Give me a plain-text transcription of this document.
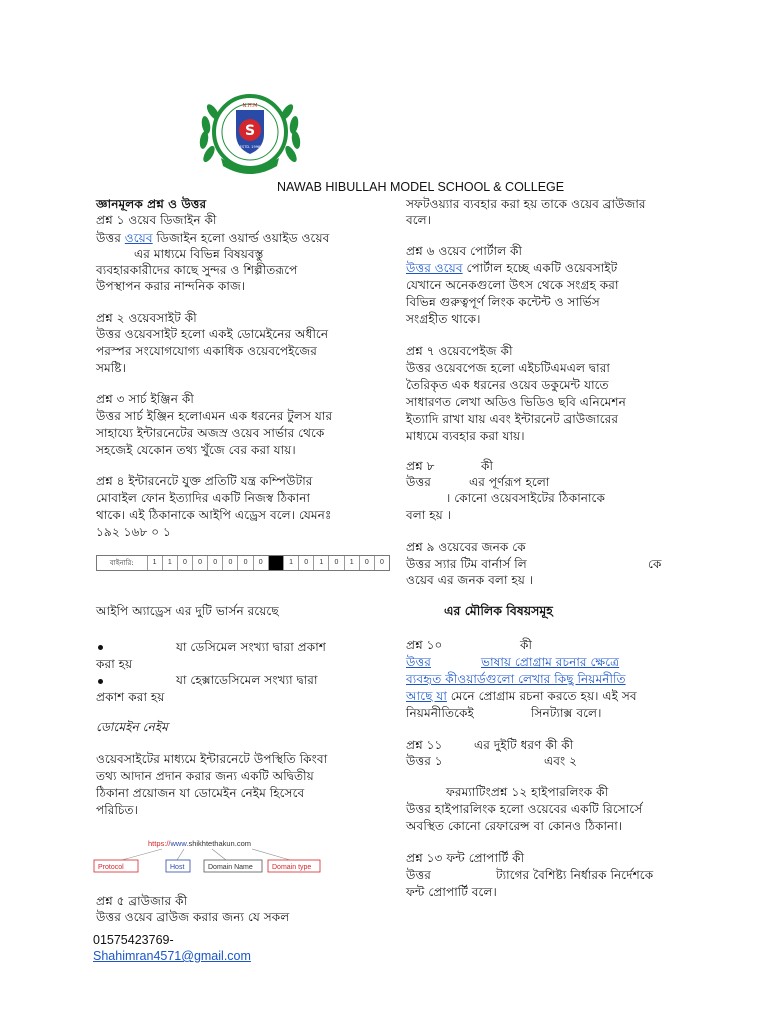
S
N.H.M
ESTD. 1998
NAWAB HIBULLAH MODEL SCHOOL & COLLEGE
জ্ঞানমূলক প্রশ্ন ও উত্তর
প্রশ্ন ১ ওয়েব ডিজাইন কী
উত্তর ওয়েব ডিজাইন হলো ওয়ার্ল্ড ওয়াইড ওয়েব
এর মাধ্যমে বিভিন্ন বিষয়বস্তু
ব্যবহারকারীদের কাছে সুন্দর ও শিল্পীতরূপে
উপস্থাপন করার নান্দনিক কাজ।
প্রশ্ন ২ ওয়েবসাইট কী
উত্তর ওয়েবসাইট হলো একই ডোমেইনের অধীনে
পরস্পর সংযোগযোগ্য একাধিক ওয়েবপেইজের
সমষ্টি।
প্রশ্ন ৩ সার্চ ইঞ্জিন কী
উত্তর সার্চ ইঞ্জিন হলোএমন এক ধরনের টুলস যার
সাহায্যে ইন্টারনেটের অজস্র ওয়েব সার্ভার থেকে
সহজেই যেকোন তথ্য খুঁজে বের করা যায়।
প্রশ্ন ৪ ইন্টারনেটে যুক্ত প্রতিটি যন্ত্র কম্পিউটার
মোবাইল ফোন ইত্যাদির একটি নিজস্ব ঠিকানা
থাকে। এই ঠিকানাকে আইপি এড্রেস বলে। যেমনঃ
১৯২ ১৬৮ ০ ১
বাইনারি:	1	1	0	0	0	0	0	0	1	0	1	0	1	0	0
আইপি অ্যাড্রেস এর দুটি ভার্সন রয়েছে
যা ডেসিমেল সংখ্যা দ্বারা প্রকাশ
করা হয়
যা হেক্সাডেসিমেল সংখ্যা দ্বারা
প্রকাশ করা হয়
ডোমেইন নেইম
ওয়েবসাইটের মাধ্যমে ইন্টারনেটে উপস্থিতি কিংবা
তথ্য আদান প্রদান করার জন্য একটি অদ্বিতীয়
ঠিকানা প্রয়োজন যা ডোমেইন নেইম হিসেবে
পরিচিত।
https://www.shikhtethakun.com
Protocol	Host	Domain Name	Domain type
প্রশ্ন ৫ ব্রাউজার কী
উত্তর ওয়েব ব্রাউজ করার জন্য যে সকল
01575423769-
Shahimran4571@gmail.com
সফটওয়্যার ব্যবহার করা হয় তাকে ওয়েব ব্রাউজার
বলে।
প্রশ্ন ৬ ওয়েব পোর্টাল কী
উত্তর ওয়েব পোর্টাল হচ্ছে একটি ওয়েবসাইট
যেখানে অনেকগুলো উৎস থেকে সংগ্রহ করা
বিভিন্ন গুরুত্বপূর্ণ লিংক কন্টেন্ট ও সার্ভিস
সংগ্রহীত থাকে।
প্রশ্ন ৭ ওয়েবপেইজ কী
উত্তর ওয়েবপেজ হলো এইচটিএমএল দ্বারা
তৈরিকৃত এক ধরনের ওয়েব ডকুমেন্ট যাতে
সাধারণত লেখা অডিও ভিডিও ছবি এনিমেশন
ইত্যাদি রাখা যায় এবং ইন্টারনেট ব্রাউজারের
মাধ্যমে ব্যবহার করা যায়।
প্রশ্ন ৮	কী
উত্তর	এর পূর্ণরূপ হলো
। কোনো ওয়েবসাইটের ঠিকানাকে
বলা হয় ।
প্রশ্ন ৯ ওয়েবের জনক কে
উত্তর স্যার টিম বার্নার্স লি	কে
ওয়েব এর জনক বলা হয় ।
এর মৌলিক বিষয়সমূহ
প্রশ্ন ১০	কী
উত্তর	ভাষায় প্রোগ্রাম রচনার ক্ষেত্রে
ব্যবহৃত কীওয়ার্ডগুলো লেখার কিছু নিয়মনীতি
আছে যা মেনে প্রোগ্রাম রচনা করতে হয়। এই সব
নিয়মনীতিকেই	সিনট্যাক্স বলে।
প্রশ্ন ১১	এর দুইটি ধরণ কী কী
উত্তর ১	এবং ২
ফরম্যাটিংপ্রশ্ন ১২ হাইপারলিংক কী
উত্তর হাইপারলিংক হলো ওয়েবের একটি রিসোর্সে
অবস্থিত কোনো রেফারেন্স বা কোনও ঠিকানা।
প্রশ্ন ১৩ ফন্ট প্রোপার্টি কী
উত্তর	ট্যাগের বৈশিষ্ট্য নির্ধারক নির্দেশকে
ফন্ট প্রোপার্টি বলে।
